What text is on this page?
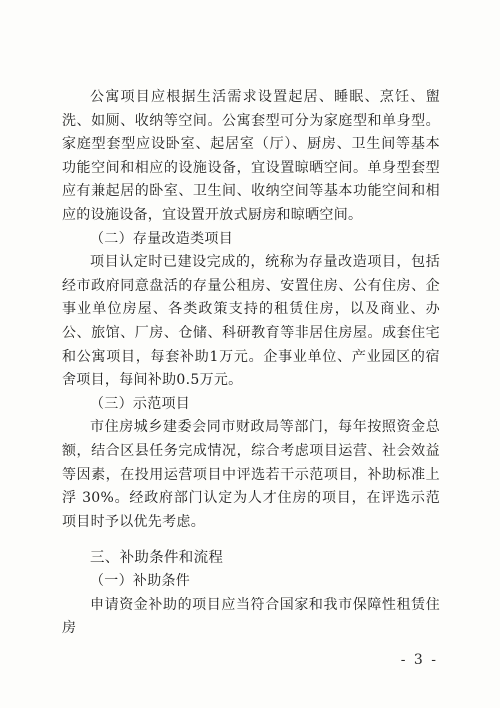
公寓项目应根据生活需求设置起居、睡眠、烹饪、盥洗、如厕、收纳等空间。公寓套型可分为家庭型和单身型。家庭型套型应设卧室、起居室（厅）、厨房、卫生间等基本功能空间和相应的设施设备，宜设置晾晒空间。单身型套型应有兼起居的卧室、卫生间、收纳空间等基本功能空间和相应的设施设备，宜设置开放式厨房和晾晒空间。

（二）存量改造类项目

项目认定时已建设完成的，统称为存量改造项目，包括经市政府同意盘活的存量公租房、安置住房、公有住房、企事业单位房屋、各类政策支持的租赁住房，以及商业、办公、旅馆、厂房、仓储、科研教育等非居住房屋。成套住宅和公寓项目，每套补助1万元。企事业单位、产业园区的宿舍项目，每间补助0.5万元。

（三）示范项目

市住房城乡建委会同市财政局等部门，每年按照资金总额，结合区县任务完成情况，综合考虑项目运营、社会效益等因素，在投用运营项目中评选若干示范项目，补助标准上浮 30%。经政府部门认定为人才住房的项目，在评选示范项目时予以优先考虑。

三、补助条件和流程

（一）补助条件

申请资金补助的项目应当符合国家和我市保障性租赁住房

- 3 -
